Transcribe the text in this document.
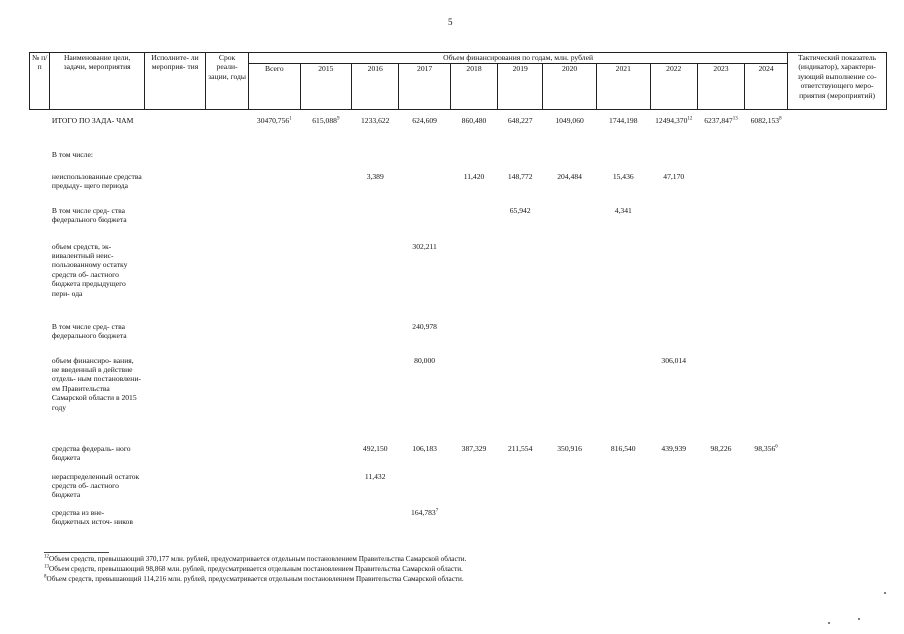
5
№ п/п	Наименование цели, задачи, мероприятия	Исполните- ли мероприя- тия	Срок реали- зации, годы	Объем финансирования по годам, млн. рублей											Тактический показатель (индикатор), характери- зующий выполнение со- ответствующего меро- приятия (мероприятий)
				Всего	2015	2016	2017	2018	2019	2020	2021	2022	2023	2024	
	ИТОГО ПО ЗАДА- ЧАМ			30470,756$^1$	615,088$^9$	1233,622	624,609	860,480	648,227	1049,060	1744,198	12494,370$^{12}$	6237,847$^{13}$	6082,153$^8$	
	В том числе:														
	неиспользованные средства предыду- щего периода					3,389		11,420	148,772	204,484	15,436	47,170			
	В том числе сред- ства федерального бюджета								65,942		4,341				
	объем средств, эк- вивалентный неис- пользованному остатку средств об- ластного бюджета предыдущего пери- ода						302,211								
	В том числе сред- ства федерального бюджета						240,978								
	объем финансиро- вания, не введенный в действие отдель- ным постановлени- ем Правительства Самарской области в 2015 году						80,000					306,014			
	средства федераль- ного бюджета					492,150	106,183	387,329	211,554	350,916	816,540	439,939	98,226	98,356$^6$	
	нераспределенный остаток средств об- ластного бюджета					11,432									
	средства из вне- бюджетных источ- ников						164,783$^7$								
$^{12}$Объем средств, превышающий 370,177 млн. рублей, предусматривается отдельным постановлением Правительства Самарской области.
$^{13}$Объем средств, превышающий 98,868 млн. рублей, предусматривается отдельным постановлением Правительства Самарской области.
$^8$Объем средств, превышающий 114,216 млн. рублей, предусматривается отдельным постановлением Правительства Самарской области.
